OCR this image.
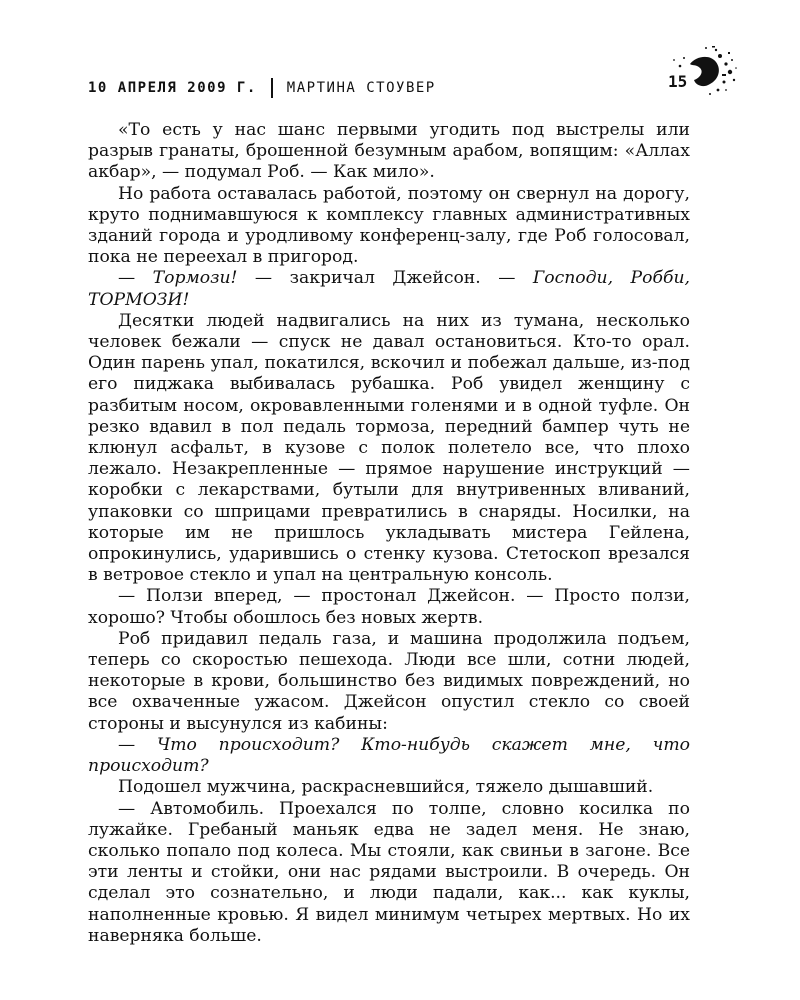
10 АПРЕЛЯ 2009 Г. МАРТИНА СТОУВЕР	15

«То есть у нас шанс первыми угодить под выстрелы или разрыв гранаты, брошенной безумным арабом, вопящим: «Аллах акбар», — подумал Роб. — Как мило».

Но работа оставалась работой, поэтому он свернул на дорогу, круто поднимавшуюся к комплексу главных административных зданий города и уродливому конференц-залу, где Роб голосовал, пока не переехал в пригород.

— Тормози! — закричал Джейсон. — Господи, Робби, ТОРМОЗИ!

Десятки людей надвигались на них из тумана, несколько человек бежали — спуск не давал остановиться. Кто-то орал. Один парень упал, покатился, вскочил и побежал дальше, из-под его пиджака выбивалась рубашка. Роб увидел женщину с разбитым носом, окровавленными голенями и в одной туфле. Он резко вдавил в пол педаль тормоза, передний бампер чуть не клюнул асфальт, в кузове с полок полетело все, что плохо лежало. Незакрепленные — прямое нарушение инструкций — коробки с лекарствами, бутыли для внутривенных вливаний, упаковки со шприцами превратились в снаряды. Носилки, на которые им не пришлось укладывать мистера Гейлена, опрокинулись, ударившись о стенку кузова. Стетоскоп врезался в ветровое стекло и упал на центральную консоль.

— Ползи вперед, — простонал Джейсон. — Просто ползи, хорошо? Чтобы обошлось без новых жертв.

Роб придавил педаль газа, и машина продолжила подъем, теперь со скоростью пешехода. Люди все шли, сотни людей, некоторые в крови, большинство без видимых повреждений, но все охваченные ужасом. Джейсон опустил стекло со своей стороны и высунулся из кабины:

— Что происходит? Кто-нибудь скажет мне, что происходит?

Подошел мужчина, раскрасневшийся, тяжело дышавший.

— Автомобиль. Проехался по толпе, словно косилка по лужайке. Гребаный маньяк едва не задел меня. Не знаю, сколько попало под колеса. Мы стояли, как свиньи в загоне. Все эти ленты и стойки, они нас рядами выстроили. В очередь. Он сделал это сознательно, и люди падали, как... как куклы, наполненные кровью. Я видел минимум четырех мертвых. Но их наверняка больше.
